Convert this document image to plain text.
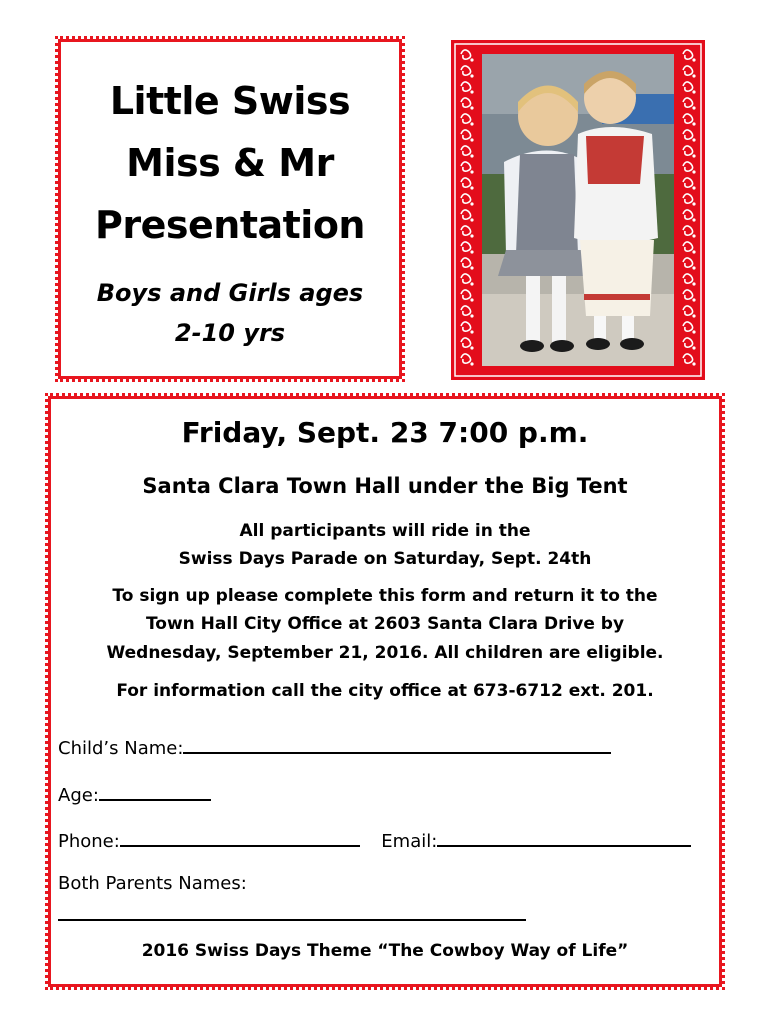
Little Swiss
Miss & Mr
Presentation
Boys and Girls ages
2-10 yrs
Friday, Sept. 23 7:00 p.m.
Santa Clara Town Hall under the Big Tent
All participants will ride in the
Swiss Days Parade on Saturday, Sept. 24th
To sign up please complete this form and return it to the
Town Hall City Office at 2603 Santa Clara Drive by
Wednesday, September 21, 2016. All children are eligible.
For information call the city office at 673-6712 ext. 201.
Child’s Name:
Age:
Phone:	Email:
Both Parents Names:
2016 Swiss Days Theme “The Cowboy Way of Life”
